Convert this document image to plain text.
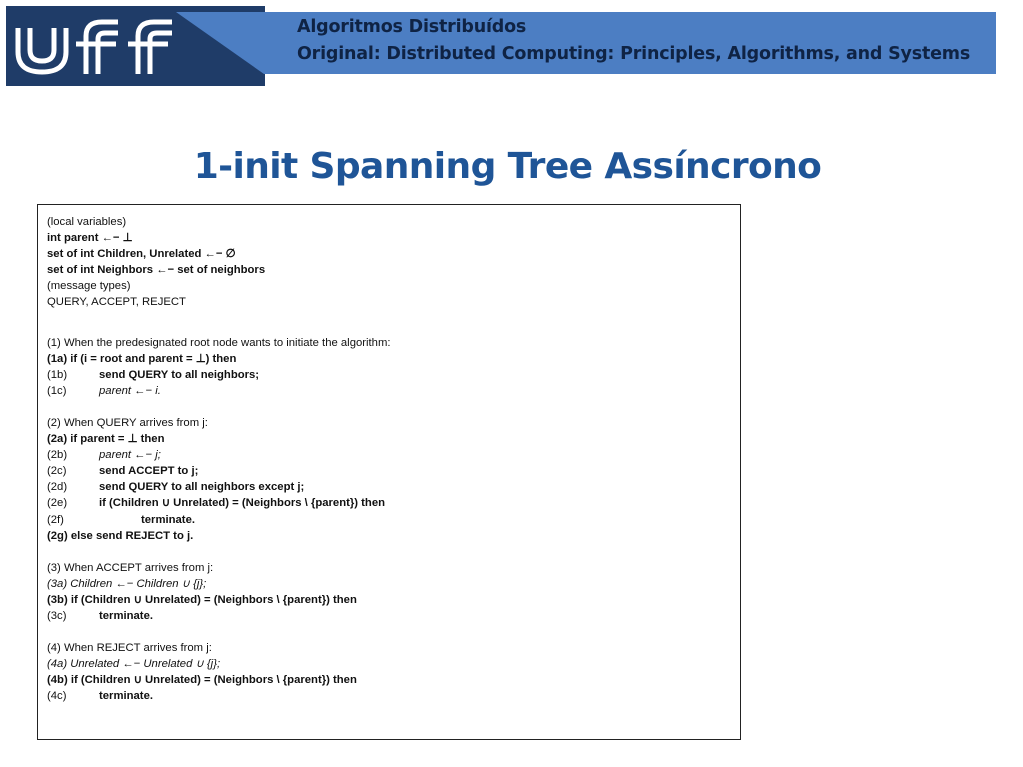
Algoritmos Distribuídos
Original: Distributed Computing: Principles, Algorithms, and Systems
1-init Spanning Tree Assíncrono
(local variables)
int parent ←− ⊥
set of int Children, Unrelated ←− ∅
set of int Neighbors ←− set of neighbors
(message types)
QUERY, ACCEPT, REJECT
(1) When the predesignated root node wants to initiate the algorithm:
(1a) if (i = root and parent = ⊥) then
(1b)	send QUERY to all neighbors;
(1c)	parent ←− i.
(2) When QUERY arrives from j:
(2a) if parent = ⊥ then
(2b)	parent ←− j;
(2c)	send ACCEPT to j;
(2d)	send QUERY to all neighbors except j;
(2e)	if (Children ∪ Unrelated) = (Neighbors \ {parent}) then
(2f)	terminate.
(2g) else send REJECT to j.
(3) When ACCEPT arrives from j:
(3a) Children ←− Children ∪ {j};
(3b) if (Children ∪ Unrelated) = (Neighbors \ {parent}) then
(3c)	terminate.
(4) When REJECT arrives from j:
(4a) Unrelated ←− Unrelated ∪ {j};
(4b) if (Children ∪ Unrelated) = (Neighbors \ {parent}) then
(4c)	terminate.
